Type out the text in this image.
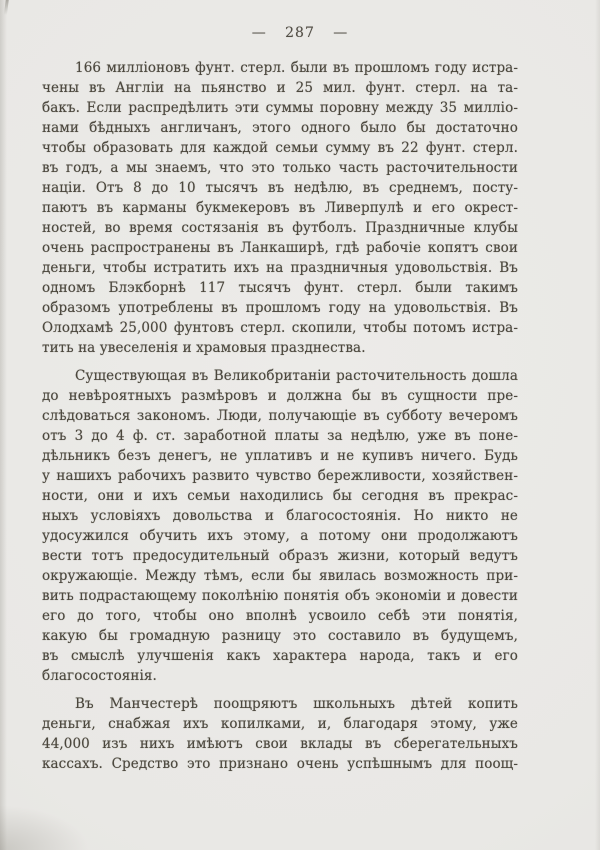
— 287 —
166 милліоновъ фунт. стерл. были въ прошломъ году истра-
чены въ Англіи на пьянство и 25 мил. фунт. стерл. на та-
бакъ. Если распредѣлить эти суммы поровну между 35 милліо-
нами бѣдныхъ англичанъ, этого одного было бы достаточно
чтобы образовать для каждой семьи сумму въ 22 фунт. стерл.
въ годъ, а мы знаемъ, что это только часть расточительности
націи. Отъ 8 до 10 тысячъ въ недѣлю, въ среднемъ, посту-
паютъ въ карманы букмекеровъ въ Ливерпулѣ и его окрест-
ностей, во время состязанія въ футболъ. Праздничные клубы
очень распространены въ Ланкаширѣ, гдѣ рабочіе копятъ свои
деньги, чтобы истратить ихъ на праздничныя удовольствія. Въ
одномъ Блэкборнѣ 117 тысячъ фунт. стерл. были такимъ
образомъ употреблены въ прошломъ году на удовольствія. Въ
Олодхамѣ 25,000 фунтовъ стерл. скопили, чтобы потомъ истра-
тить на увеселенія и храмовыя празднества.
Существующая въ Великобританіи расточительность дошла
до невѣроятныхъ размѣровъ и должна бы въ сущности пре-
слѣдоваться закономъ. Люди, получающіе въ субботу вечеромъ
отъ 3 до 4 ф. ст. заработной платы за недѣлю, уже въ поне-
дѣльникъ безъ денегъ, не уплативъ и не купивъ ничего. Будь
у нашихъ рабочихъ развито чувство бережливости, хозяйствен-
ности, они и ихъ семьи находились бы сегодня въ прекрас-
ныхъ условіяхъ довольства и благосостоянія. Но никто не
удосужился обучить ихъ этому, а потому они продолжаютъ
вести тотъ предосудительный образъ жизни, который ведутъ
окружающіе. Между тѣмъ, если бы явилась возможность при-
вить подрастающему поколѣнію понятія объ экономіи и довести
его до того, чтобы оно вполнѣ усвоило себѣ эти понятія,
какую бы громадную разницу это составило въ будущемъ,
въ смыслѣ улучшенія какъ характера народа, такъ и его
благосостоянія.
Въ Манчестерѣ поощряютъ школьныхъ дѣтей копить
деньги, снабжая ихъ копилками, и, благодаря этому, уже
44,000 изъ нихъ имѣютъ свои вклады въ сберегательныхъ
кассахъ. Средство это признано очень успѣшнымъ для поощ-
